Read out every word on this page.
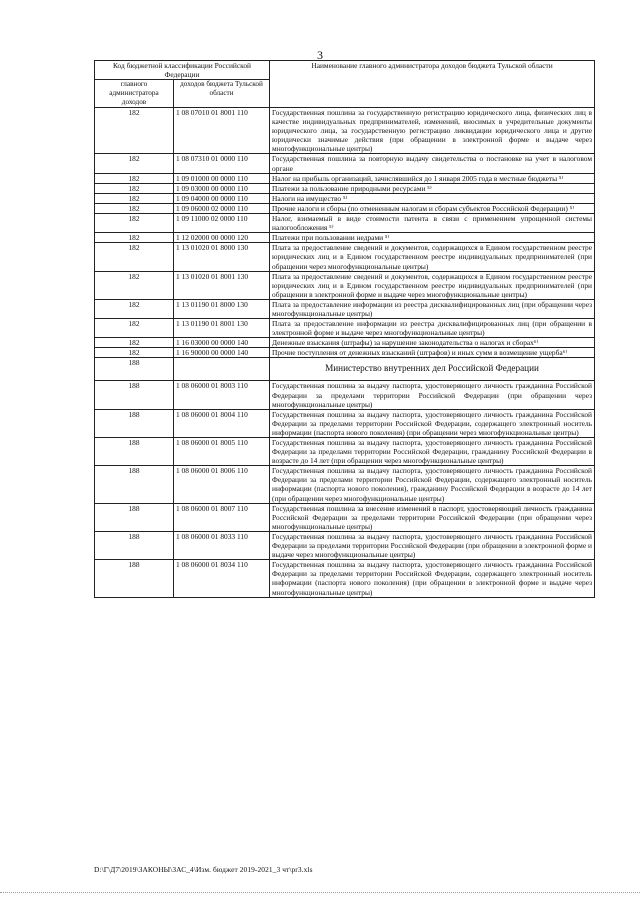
3
Код бюджетной классификации Российской Федерации		Наименование главного администратора доходов бюджета Тульской области
главного администратора доходов	доходов бюджета Тульской области	
182	1 08 07010 01 8001 110	Государственная пошлина за государственную регистрацию юридического лица, физических лиц в качестве индивидуальных предпринимателей, изменений, вносимых в учредительные документы юридического лица, за государственную регистрацию ликвидации юридического лица и другие юридически значимые действия (при обращении в электронной форме и выдаче через многофункциональные центры)
182	1 08 07310 01 0000 110	Государственная пошлина за повторную выдачу свидетельства о постановке на учет в налоговом органе
182	1 09 01000 00 0000 110	Налог на прибыль организаций, зачислявшийся до 1 января 2005 года в местные бюджеты ⁵⁾
182	1 09 03000 00 0000 110	Платежи за пользование природными ресурсами ⁵⁾
182	1 09 04000 00 0000 110	Налоги на имущество ⁵⁾
182	1 09 06000 02 0000 110	Прочие налоги и сборы (по отмененным налогам и сборам субъектов Российской Федерации) ⁵⁾
182	1 09 11000 02 0000 110	Налог, взимаемый в виде стоимости патента в связи с применением упрощенной системы налогообложения ⁵⁾
182	1 12 02000 00 0000 120	Платежи при пользовании недрами ⁵⁾
182	1 13 01020 01 8000 130	Плата за предоставление сведений и документов, содержащихся в Едином государственном реестре юридических лиц и в Едином государственном реестре индивидуальных предпринимателей (при обращении через многофункциональные центры)
182	1 13 01020 01 8001 130	Плата за предоставление сведений и документов, содержащихся в Едином государственном реестре юридических лиц и в Едином государственном реестре индивидуальных предпринимателей (при обращении в электронной форме и выдаче через многофункциональные центры)
182	1 13 01190 01 8000 130	Плата за предоставление информации из реестра дисквалифицированных лиц (при обращении через многофункциональные центры)
182	1 13 01190 01 8001 130	Плата за предоставление информации из реестра дисквалифицированных лиц (при обращении в электронной форме и выдаче через многофункциональные центры)
182	1 16 03000 00 0000 140	Денежные взыскания (штрафы) за нарушение законодательства о налогах и сборах⁶⁾
182	1 16 90000 00 0000 140	Прочие поступления от денежных взысканий (штрафов) и иных сумм в возмещение ущерба⁶⁾
188		Министерство внутренних дел Российской Федерации
188	1 08 06000 01 8003 110	Государственная пошлина за выдачу паспорта, удостоверяющего личность гражданина Российской Федерации за пределами территории Российской Федерации (при обращении через многофункциональные центры)
188	1 08 06000 01 8004 110	Государственная пошлина за выдачу паспорта, удостоверяющего личность гражданина Российской Федерации за пределами территории Российской Федерации, содержащего электронный носитель информации (паспорта нового поколения) (при обращении через многофункциональные центры)
188	1 08 06000 01 8005 110	Государственная пошлина за выдачу паспорта, удостоверяющего личность гражданина Российской Федерации за пределами территории Российской Федерации, гражданину Российской Федерации в возрасте до 14 лет (при обращении через многофункциональные центры)
188	1 08 06000 01 8006 110	Государственная пошлина за выдачу паспорта, удостоверяющего личность гражданина Российской Федерации за пределами территории Российской Федерации, содержащего электронный носитель информации (паспорта нового поколения), гражданину Российской Федерации в возрасте до 14 лет (при обращении через многофункциональные центры)
188	1 08 06000 01 8007 110	Государственная пошлина за внесение изменений в паспорт, удостоверяющий личность гражданина Российской Федерации за пределами территории Российской Федерации (при обращении через многофункциональные центры)
188	1 08 06000 01 8033 110	Государственная пошлина за выдачу паспорта, удостоверяющего личность гражданина Российской Федерации за пределами территории Российской Федерации (при обращении в электронной форме и выдаче через многофункциональные центры)
188	1 08 06000 01 8034 110	Государственная пошлина за выдачу паспорта, удостоверяющего личность гражданина Российской Федерации за пределами территории Российской Федерации, содержащего электронный носитель информации (паспорта нового поколения) (при обращении в электронной форме и выдаче через многофункциональные центры)
D:\Г\Д7\2019\ЗАКОНЫ\ЗАС_4\Изм. бюджет 2019-2021_3 чт\pr3.xls
